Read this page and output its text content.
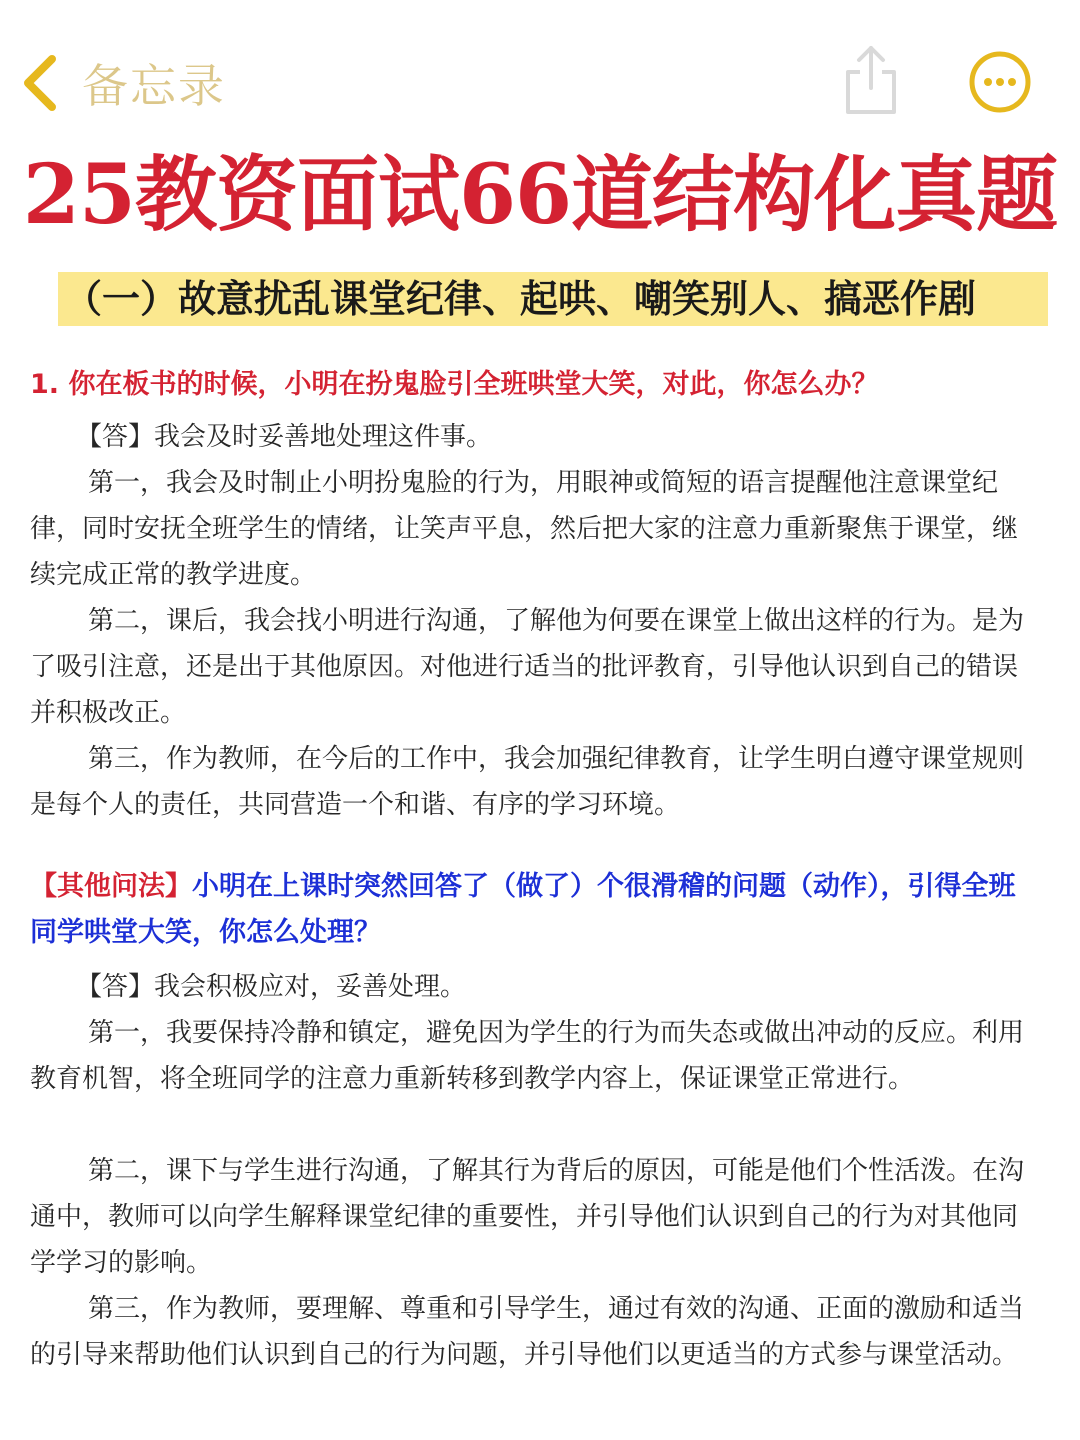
备忘录
25教资面试66道结构化真题
（一）故意扰乱课堂纪律、起哄、嘲笑别人、搞恶作剧
1. 你在板书的时候，小明在扮鬼脸引全班哄堂大笑，对此，你怎么办？

【答】我会及时妥善地处理这件事。

第一，我会及时制止小明扮鬼脸的行为，用眼神或简短的语言提醒他注意课堂纪律，同时安抚全班学生的情绪，让笑声平息，然后把大家的注意力重新聚焦于课堂，继续完成正常的教学进度。

第二，课后，我会找小明进行沟通，了解他为何要在课堂上做出这样的行为。是为了吸引注意，还是出于其他原因。对他进行适当的批评教育，引导他认识到自己的错误并积极改正。

第三，作为教师，在今后的工作中，我会加强纪律教育，让学生明白遵守课堂规则是每个人的责任，共同营造一个和谐、有序的学习环境。

【其他问法】小明在上课时突然回答了（做了）个很滑稽的问题（动作），引得全班同学哄堂大笑，你怎么处理？

【答】我会积极应对，妥善处理。

第一，我要保持冷静和镇定，避免因为学生的行为而失态或做出冲动的反应。利用教育机智，将全班同学的注意力重新转移到教学内容上，保证课堂正常进行。

第二，课下与学生进行沟通，了解其行为背后的原因，可能是他们个性活泼。在沟通中，教师可以向学生解释课堂纪律的重要性，并引导他们认识到自己的行为对其他同学学习的影响。

第三，作为教师，要理解、尊重和引导学生，通过有效的沟通、正面的激励和适当的引导来帮助他们认识到自己的行为问题，并引导他们以更适当的方式参与课堂活动。
